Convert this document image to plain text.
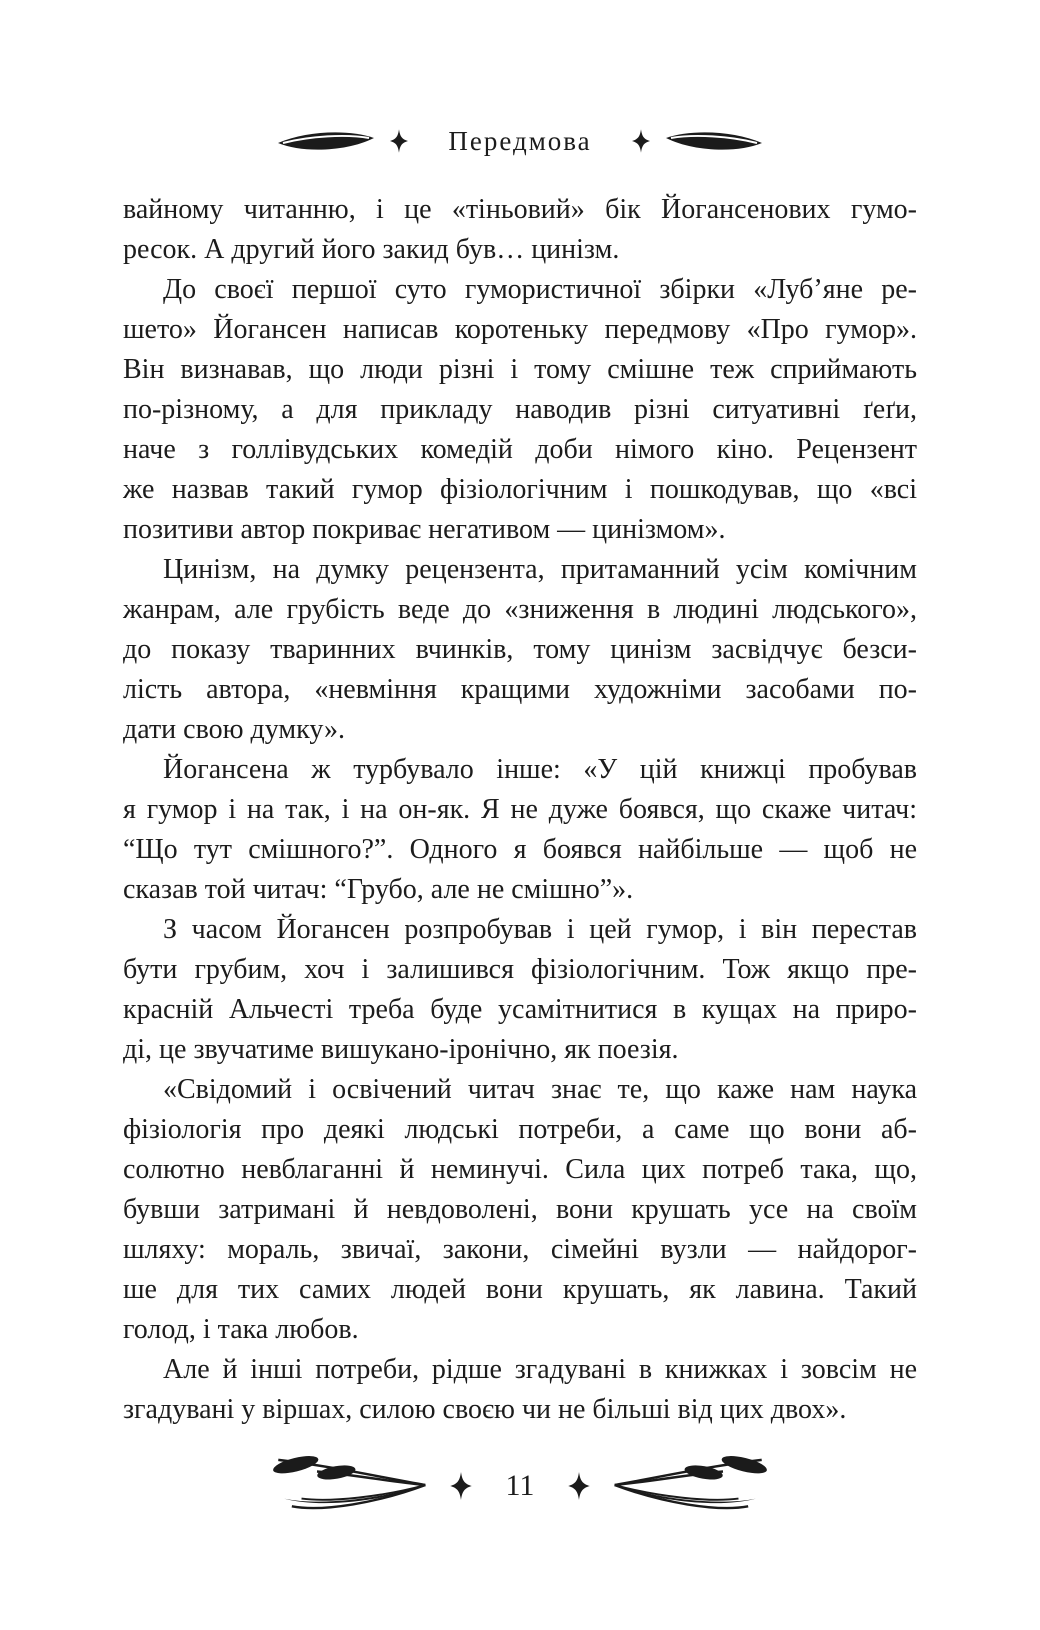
Передмова

вайному читанню, і це «тіньовий» бік Йогансенових гумо-
ресок. А другий його закид був… цинізм.

До своєї першої суто гумористичної збірки «Луб’яне ре-
шето» Йогансен написав коротеньку передмову «Про гумор».
Він визнавав, що люди різні і тому смішне теж сприймають
по-різному, а для прикладу наводив різні ситуативні ґеґи,
наче з голлівудських комедій доби німого кіно. Рецензент
же назвав такий гумор фізіологічним і пошкодував, що «всі
позитиви автор покриває негативом — цинізмом».

Цинізм, на думку рецензента, притаманний усім комічним
жанрам, але грубість веде до «зниження в людині людського»,
до показу тваринних вчинків, тому цинізм засвідчує безси-
лість автора, «невміння кращими художніми засобами по-
дати свою думку».

Йогансена ж турбувало інше: «У цій книжці пробував
я гумор і на так, і на он-як. Я не дуже боявся, що скаже читач:
“Що тут смішного?”. Одного я боявся найбільше — щоб не
сказав той читач: “Грубо, але не смішно”».

З часом Йогансен розпробував і цей гумор, і він перестав
бути грубим, хоч і залишився фізіологічним. Тож якщо пре-
красній Альчесті треба буде усамітнитися в кущах на приро-
ді, це звучатиме вишукано-іронічно, як поезія.

«Свідомий і освічений читач знає те, що каже нам наука
фізіологія про деякі людські потреби, а саме що вони аб-
солютно невблаганні й неминучі. Сила цих потреб така, що,
бувши затримані й невдоволені, вони крушать усе на своїм
шляху: мораль, звичаї, закони, сімейні вузли — найдорог-
ше для тих самих людей вони крушать, як лавина. Такий
голод, і така любов.

Але й інші потреби, рідше згадувані в книжках і зовсім не
згадувані у віршах, силою своєю чи не більші від цих двох».

11
